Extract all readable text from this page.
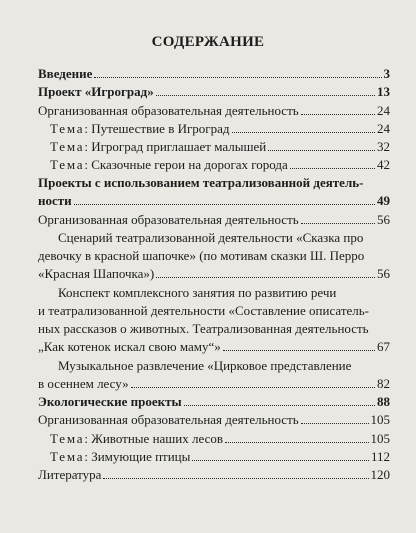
СОДЕРЖАНИЕ
Введение	3
Проект «Игроград»	13
Организованная образовательная деятельность	24
Тема: Путешествие в Игроград	24
Тема: Игроград приглашает малышей	32
Тема: Сказочные герои на дорогах города	42
Проекты с использованием театрализованной деятель-
ности	49
Организованная образовательная деятельность	56
Сценарий театрализованной деятельности «Сказка про
девочку в красной шапочке» (по мотивам сказки Ш. Перро
«Красная Шапочка»)	56
Конспект комплексного занятия по развитию речи
и театрализованной деятельности «Составление описатель-
ных рассказов о животных. Театрализованная деятельность
„Как котенок искал свою маму“»	67
Музыкальное развлечение «Цирковое представление
в осеннем лесу»	82
Экологические проекты	88
Организованная образовательная деятельность	105
Тема: Животные наших лесов	105
Тема: Зимующие птицы	112
Литература	120
